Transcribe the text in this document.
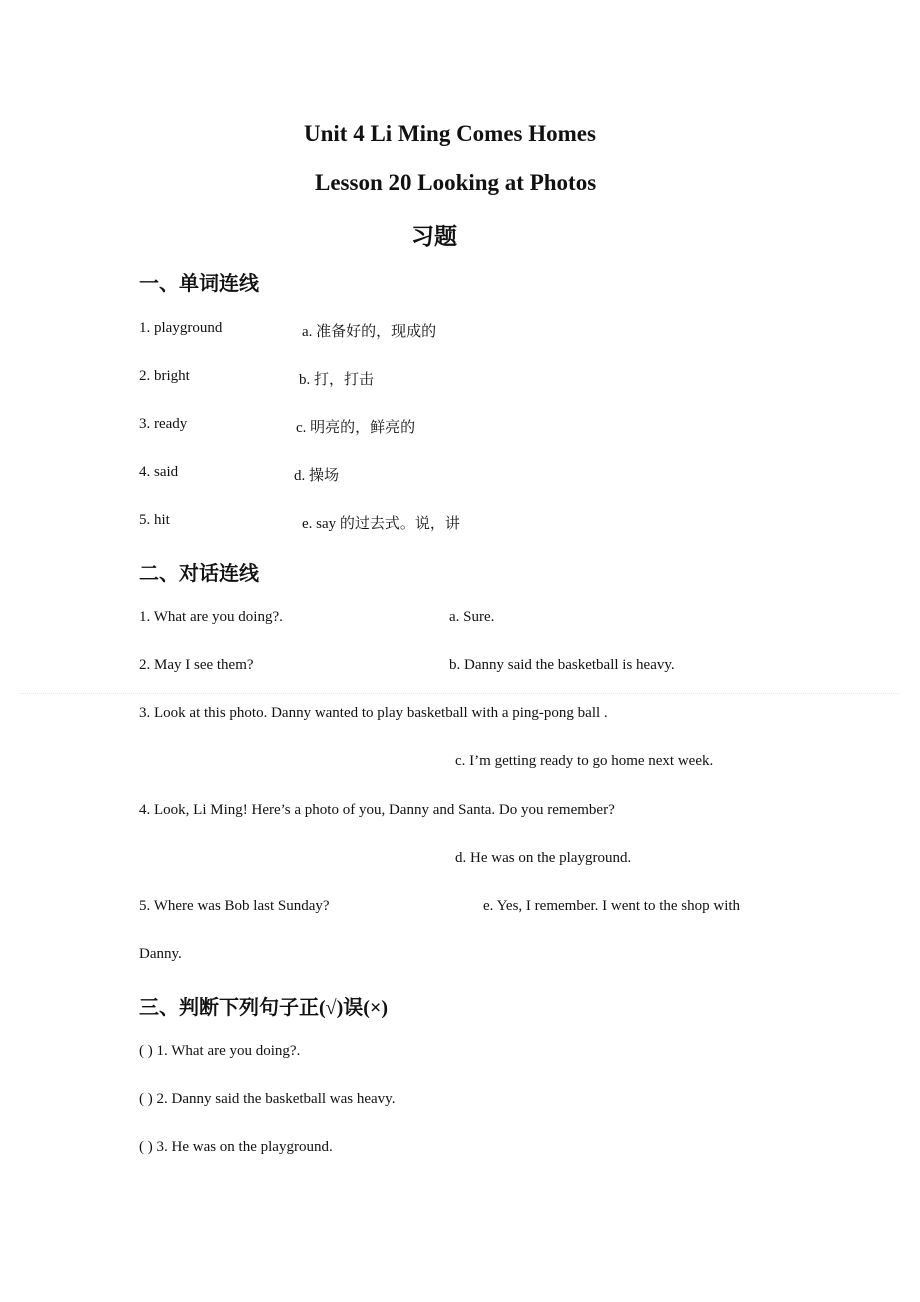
Unit 4 Li Ming Comes Homes
Lesson 20 Looking at Photos
习题
一、单词连线
1. playground	a. 准备好的，现成的
2. bright	b. 打，打击
3. ready	c. 明亮的，鲜亮的
4. said	d. 操场
5. hit	e. say 的过去式。说，讲
二、对话连线
1. What are you doing?.	a. Sure.
2. May I see them?	b. Danny said the basketball is heavy.
3. Look at this photo. Danny wanted to play basketball with a ping-pong ball .
c. I’m getting ready to go home next week.
4. Look, Li Ming! Here’s a photo of you, Danny and Santa. Do you remember?
d. He was on the playground.
5. Where was Bob last Sunday?	e. Yes, I remember. I went to the shop with
Danny.
三、判断下列句子正(√)误(×)
( ) 1. What are you doing?.
( ) 2. Danny said the basketball was heavy.
( ) 3. He was on the playground.
